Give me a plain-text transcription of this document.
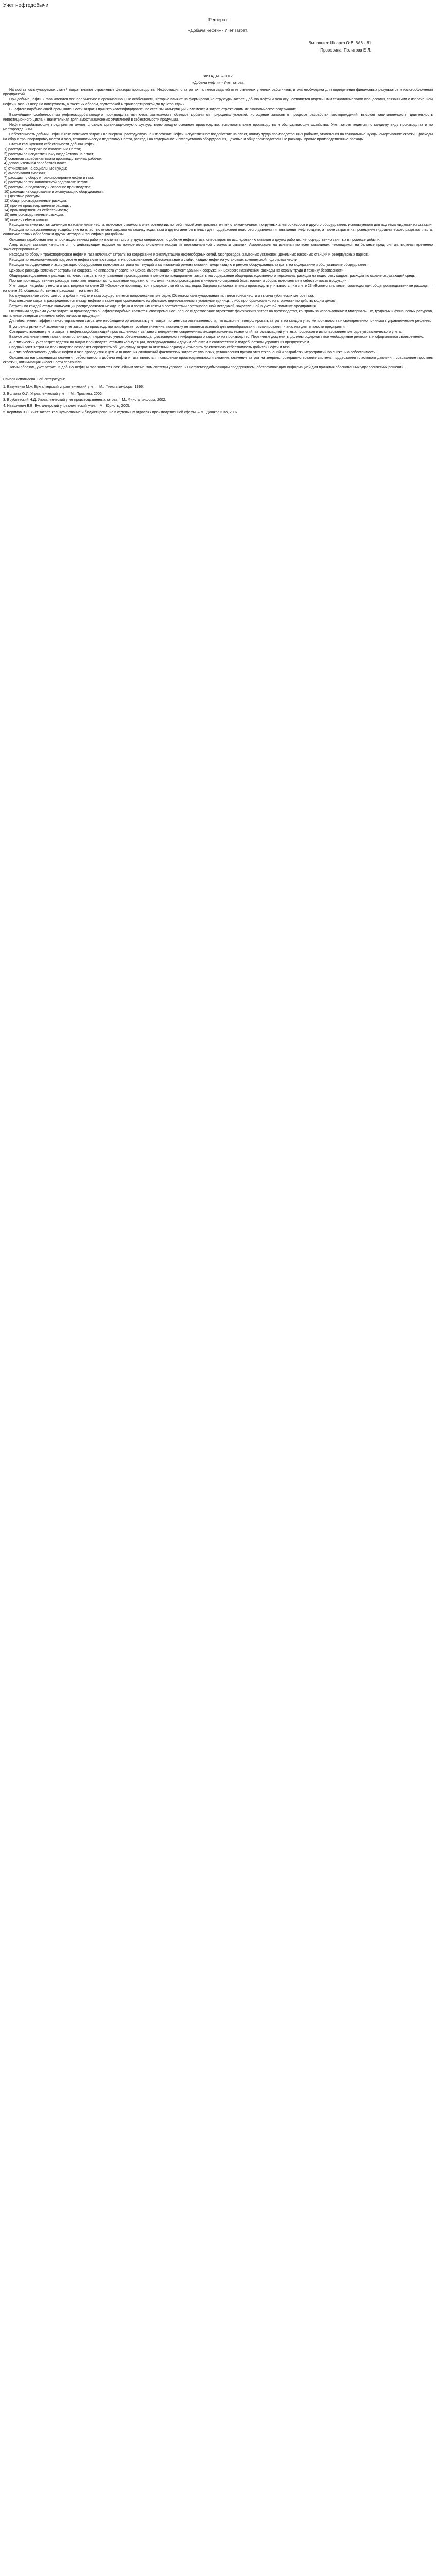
Учет нефтедобычи
Реферат
«Добыча нефти» - Учет затрат.
Выполнил: Шпарко О.В. 8А6 - 81
Проверила: Политова Е.Л.
ФИГАДАН – 2012
«Добыча нефти» - Учет затрат.

На состав калькулируемых статей затрат влияют отраслевые факторы производства. Информация о затратах является задачей ответственных учетных работников, и она необходима для определения финансовых результатов и налогообложения предприятий.

При добыче нефти и газа имеются технологические и организационные особенности, которые влияют на формирование структуры затрат. Добыча нефти и газа осуществляется отдельными технологическими процессами, связанными с извлечением нефти и газа из недр на поверхность, а также их сбором, подготовкой и транспортировкой до пунктов сдачи.

В нефтегазодобывающей промышленности затраты принято классифицировать по статьям калькуляции и элементам затрат, отражающим их экономическое содержание.

Важнейшими особенностями нефтегазодобывающего производства являются: зависимость объемов добычи от природных условий, истощение запасов в процессе разработки месторождений, высокая капиталоемкость, длительность инвестиционного цикла и значительная доля амортизационных отчислений в себестоимости продукции.

Нефтегазодобывающие предприятия имеют сложную организационную структуру, включающую основное производство, вспомогательные производства и обслуживающие хозяйства. Учет затрат ведется по каждому виду производства и по месторождениям.

Себестоимость добычи нефти и газа включает затраты на энергию, расходуемую на извлечение нефти, искусственное воздействие на пласт, оплату труда производственных рабочих, отчисления на социальные нужды, амортизацию скважин, расходы на сбор и транспортировку нефти и газа, технологическую подготовку нефти, расходы на содержание и эксплуатацию оборудования, цеховые и общепроизводственные расходы, прочие производственные расходы.

Статьи калькуляции себестоимости добычи нефти:

1) расходы на энергию по извлечению нефти;
2) расходы по искусственному воздействию на пласт;
3) основная заработная плата производственных рабочих;
4) дополнительная заработная плата;
5) отчисления на социальные нужды;
6) амортизация скважин;
7) расходы по сбору и транспортировке нефти и газа;
8) расходы по технологической подготовке нефти;
9) расходы на подготовку и освоение производства;
10) расходы на содержание и эксплуатацию оборудования;
11) цеховые расходы;
12) общепроизводственные расходы;
13) прочие производственные расходы;
14) производственная себестоимость;
15) внепроизводственные расходы;
16) полная себестоимость.

Расходы на энергию, затраченную на извлечение нефти, включают стоимость электроэнергии, потребляемой электродвигателями станков-качалок, погружных электронасосов и другого оборудования, используемого для подъема жидкости из скважин.

Расходы по искусственному воздействию на пласт включают затраты на закачку воды, газа и других агентов в пласт для поддержания пластового давления и повышения нефтеотдачи, а также затраты на проведение гидравлического разрыва пласта, солянокислотных обработок и других методов интенсификации добычи.

Основная заработная плата производственных рабочих включает оплату труда операторов по добыче нефти и газа, операторов по исследованию скважин и других рабочих, непосредственно занятых в процессе добычи.

Амортизация скважин начисляется по действующим нормам на полное восстановление исходя из первоначальной стоимости скважин. Амортизация начисляется по всем скважинам, числящимся на балансе предприятия, включая временно законсервированные.

Расходы по сбору и транспортировке нефти и газа включают затраты на содержание и эксплуатацию нефтесборных сетей, газопроводов, замерных установок, дожимных насосных станций и резервуарных парков.

Расходы по технологической подготовке нефти включают затраты на обезвоживание, обессоливание и стабилизацию нефти на установках комплексной подготовки нефти.

Расходы на содержание и эксплуатацию оборудования включают затраты на текущий и капитальный ремонт скважин, амортизацию и ремонт оборудования, затраты на содержание и обслуживание оборудования.

Цеховые расходы включают затраты на содержание аппарата управления цехов, амортизацию и ремонт зданий и сооружений цехового назначения, расходы на охрану труда и технику безопасности.

Общепроизводственные расходы включают затраты на управление производством в целом по предприятию, затраты на содержание общепроизводственного персонала, расходы на подготовку кадров, расходы по охране окружающей среды.

Прочие производственные расходы включают платежи за пользование недрами, отчисления на воспроизводство минерально-сырьевой базы, налоги и сборы, включаемые в себестоимость продукции.

Учет затрат на добычу нефти и газа ведется на счете 20 «Основное производство» в разрезе статей калькуляции. Затраты вспомогательных производств учитываются на счете 23 «Вспомогательные производства», общепроизводственные расходы — на счете 25, общехозяйственные расходы — на счете 26.

Калькулирование себестоимости добычи нефти и газа осуществляется попроцессным методом. Объектом калькулирования является тонна нефти и тысяча кубических метров газа.

Комплексные затраты распределяются между нефтью и газом пропорционально их объемам, пересчитанным в условные единицы, либо пропорционально их стоимости по действующим ценам.

Затраты по каждой статье калькуляции распределяются между нефтью и попутным газом в соответствии с установленной методикой, закрепленной в учетной политике предприятия.

Основными задачами учета затрат на производство в нефтегазодобыче являются: своевременное, полное и достоверное отражение фактических затрат на производство, контроль за использованием материальных, трудовых и финансовых ресурсов, выявление резервов снижения себестоимости продукции.

Для обеспечения эффективного управления затратами необходимо организовать учет затрат по центрам ответственности, что позволяет контролировать затраты на каждом участке производства и своевременно принимать управленческие решения.

В условиях рыночной экономики учет затрат на производство приобретает особое значение, поскольку он является основой для ценообразования, планирования и анализа деятельности предприятия.

Совершенствование учета затрат в нефтегазодобывающей промышленности связано с внедрением современных информационных технологий, автоматизацией учетных процессов и использованием методов управленческого учета.

Важное значение имеет правильная организация первичного учета, обеспечивающая достоверность информации о затратах на производство. Первичные документы должны содержать все необходимые реквизиты и оформляться своевременно.

Аналитический учет затрат ведется по видам производств, статьям калькуляции, месторождениям и другим объектам в соответствии с потребностями управления предприятием.

Сводный учет затрат на производство позволяет определить общую сумму затрат за отчетный период и исчислить фактическую себестоимость добытой нефти и газа.

Анализ себестоимости добычи нефти и газа проводится с целью выявления отклонений фактических затрат от плановых, установления причин этих отклонений и разработки мероприятий по снижению себестоимости.

Основными направлениями снижения себестоимости добычи нефти и газа являются: повышение производительности скважин, снижение затрат на энергию, совершенствование системы поддержания пластового давления, сокращение простоев скважин, оптимизация численности персонала.

Таким образом, учет затрат на добычу нефти и газа является важнейшим элементом системы управления нефтегазодобывающим предприятием, обеспечивающим информацией для принятия обоснованных управленческих решений.

Список использованной литературы:
1. Бакуменко М.А. Бухгалтерский управленческий учет. – М.: Финстатинформ, 1996.
2. Волкова О.И. Управленческий учет. – М.: Проспект, 2006.
3. Врублевский Н.Д. Управленческий учет производственных затрат. – М.: Финстатинформ, 2002.
4. Ивашкевич В.Б. Бухгалтерский управленческий учет. – М.: Юристъ, 2005.
5. Керимов В.Э. Учет затрат, калькулирование и бюджетирование в отдельных отраслях производственной сферы. – М.: Дашков и Ко, 2007.
